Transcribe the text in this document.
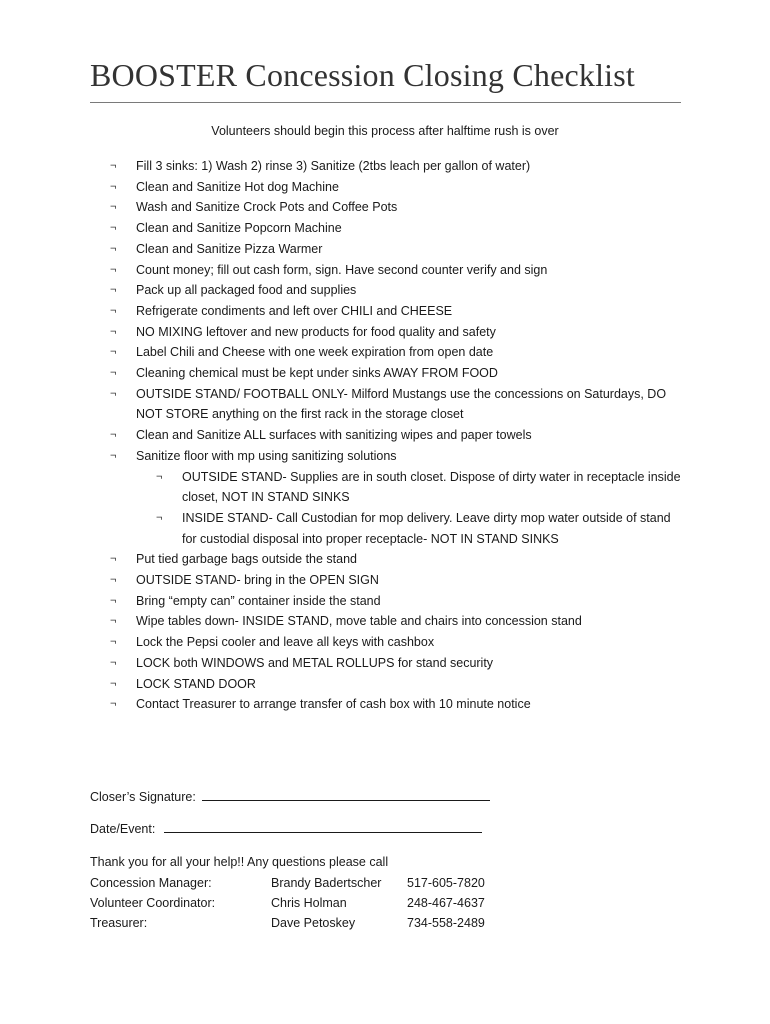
BOOSTER Concession Closing Checklist
Volunteers should begin this process after halftime rush is over
¬ Fill 3 sinks: 1) Wash 2) rinse 3) Sanitize (2tbs leach per gallon of water)
¬ Clean and Sanitize Hot dog Machine
¬ Wash and Sanitize Crock Pots and Coffee Pots
¬ Clean and Sanitize Popcorn Machine
¬ Clean and Sanitize Pizza Warmer
¬ Count money; fill out cash form, sign. Have second counter verify and sign
¬ Pack up all packaged food and supplies
¬ Refrigerate condiments and left over CHILI and CHEESE
¬ NO MIXING leftover and new products for food quality and safety
¬ Label Chili and Cheese with one week expiration from open date
¬ Cleaning chemical must be kept under sinks AWAY FROM FOOD
¬ OUTSIDE STAND/ FOOTBALL ONLY- Milford Mustangs use the concessions on Saturdays, DO NOT STORE anything on the first rack in the storage closet
¬ Clean and Sanitize ALL surfaces with sanitizing wipes and paper towels
¬ Sanitize floor with mp using sanitizing solutions
¬ OUTSIDE STAND- Supplies are in south closet. Dispose of dirty water in receptacle inside closet, NOT IN STAND SINKS
¬ INSIDE STAND- Call Custodian for mop delivery. Leave dirty mop water outside of stand for custodial disposal into proper receptacle- NOT IN STAND SINKS
¬ Put tied garbage bags outside the stand
¬ OUTSIDE STAND- bring in the OPEN SIGN
¬ Bring “empty can” container inside the stand
¬ Wipe tables down- INSIDE STAND, move table and chairs into concession stand
¬ Lock the Pepsi cooler and leave all keys with cashbox
¬ LOCK both WINDOWS and METAL ROLLUPS for stand security
¬ LOCK STAND DOOR
¬ Contact Treasurer to arrange transfer of cash box with 10 minute notice
Closer’s Signature:
Date/Event:
Thank you for all your help!! Any questions please call
Concession Manager:	Brandy Badertscher 517-605-7820
Volunteer Coordinator:	Chris Holman	248-467-4637
Treasurer:	Dave Petoskey	734-558-2489
